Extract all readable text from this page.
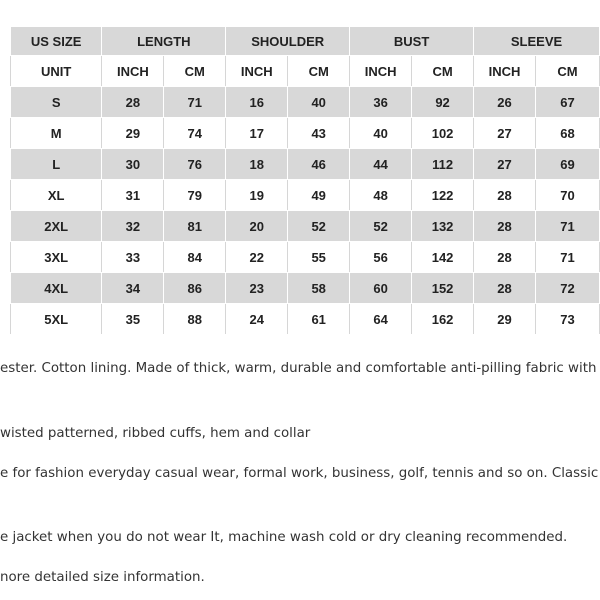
US SIZE	LENGTH		SHOULDER		BUST		SLEEVE	
UNIT	INCH	CM	INCH	CM	INCH	CM	INCH	CM
S	28	71	16	40	36	92	26	67
M	29	74	17	43	40	102	27	68
L	30	76	18	46	44	112	27	69
XL	31	79	19	49	48	122	28	70
2XL	32	81	20	52	52	132	28	71
3XL	33	84	22	55	56	142	28	71
4XL	34	86	23	58	60	152	28	72
5XL	35	88	24	61	64	162	29	73

ester. Cotton lining. Made of thick, warm, durable and comfortable anti-pilling fabric with

wisted patterned, ribbed cuffs, hem and collar

e for fashion everyday casual wear, formal work, business, golf, tennis and so on. Classic

e jacket when you do not wear It, machine wash cold or dry cleaning recommended.

nore detailed size information.
